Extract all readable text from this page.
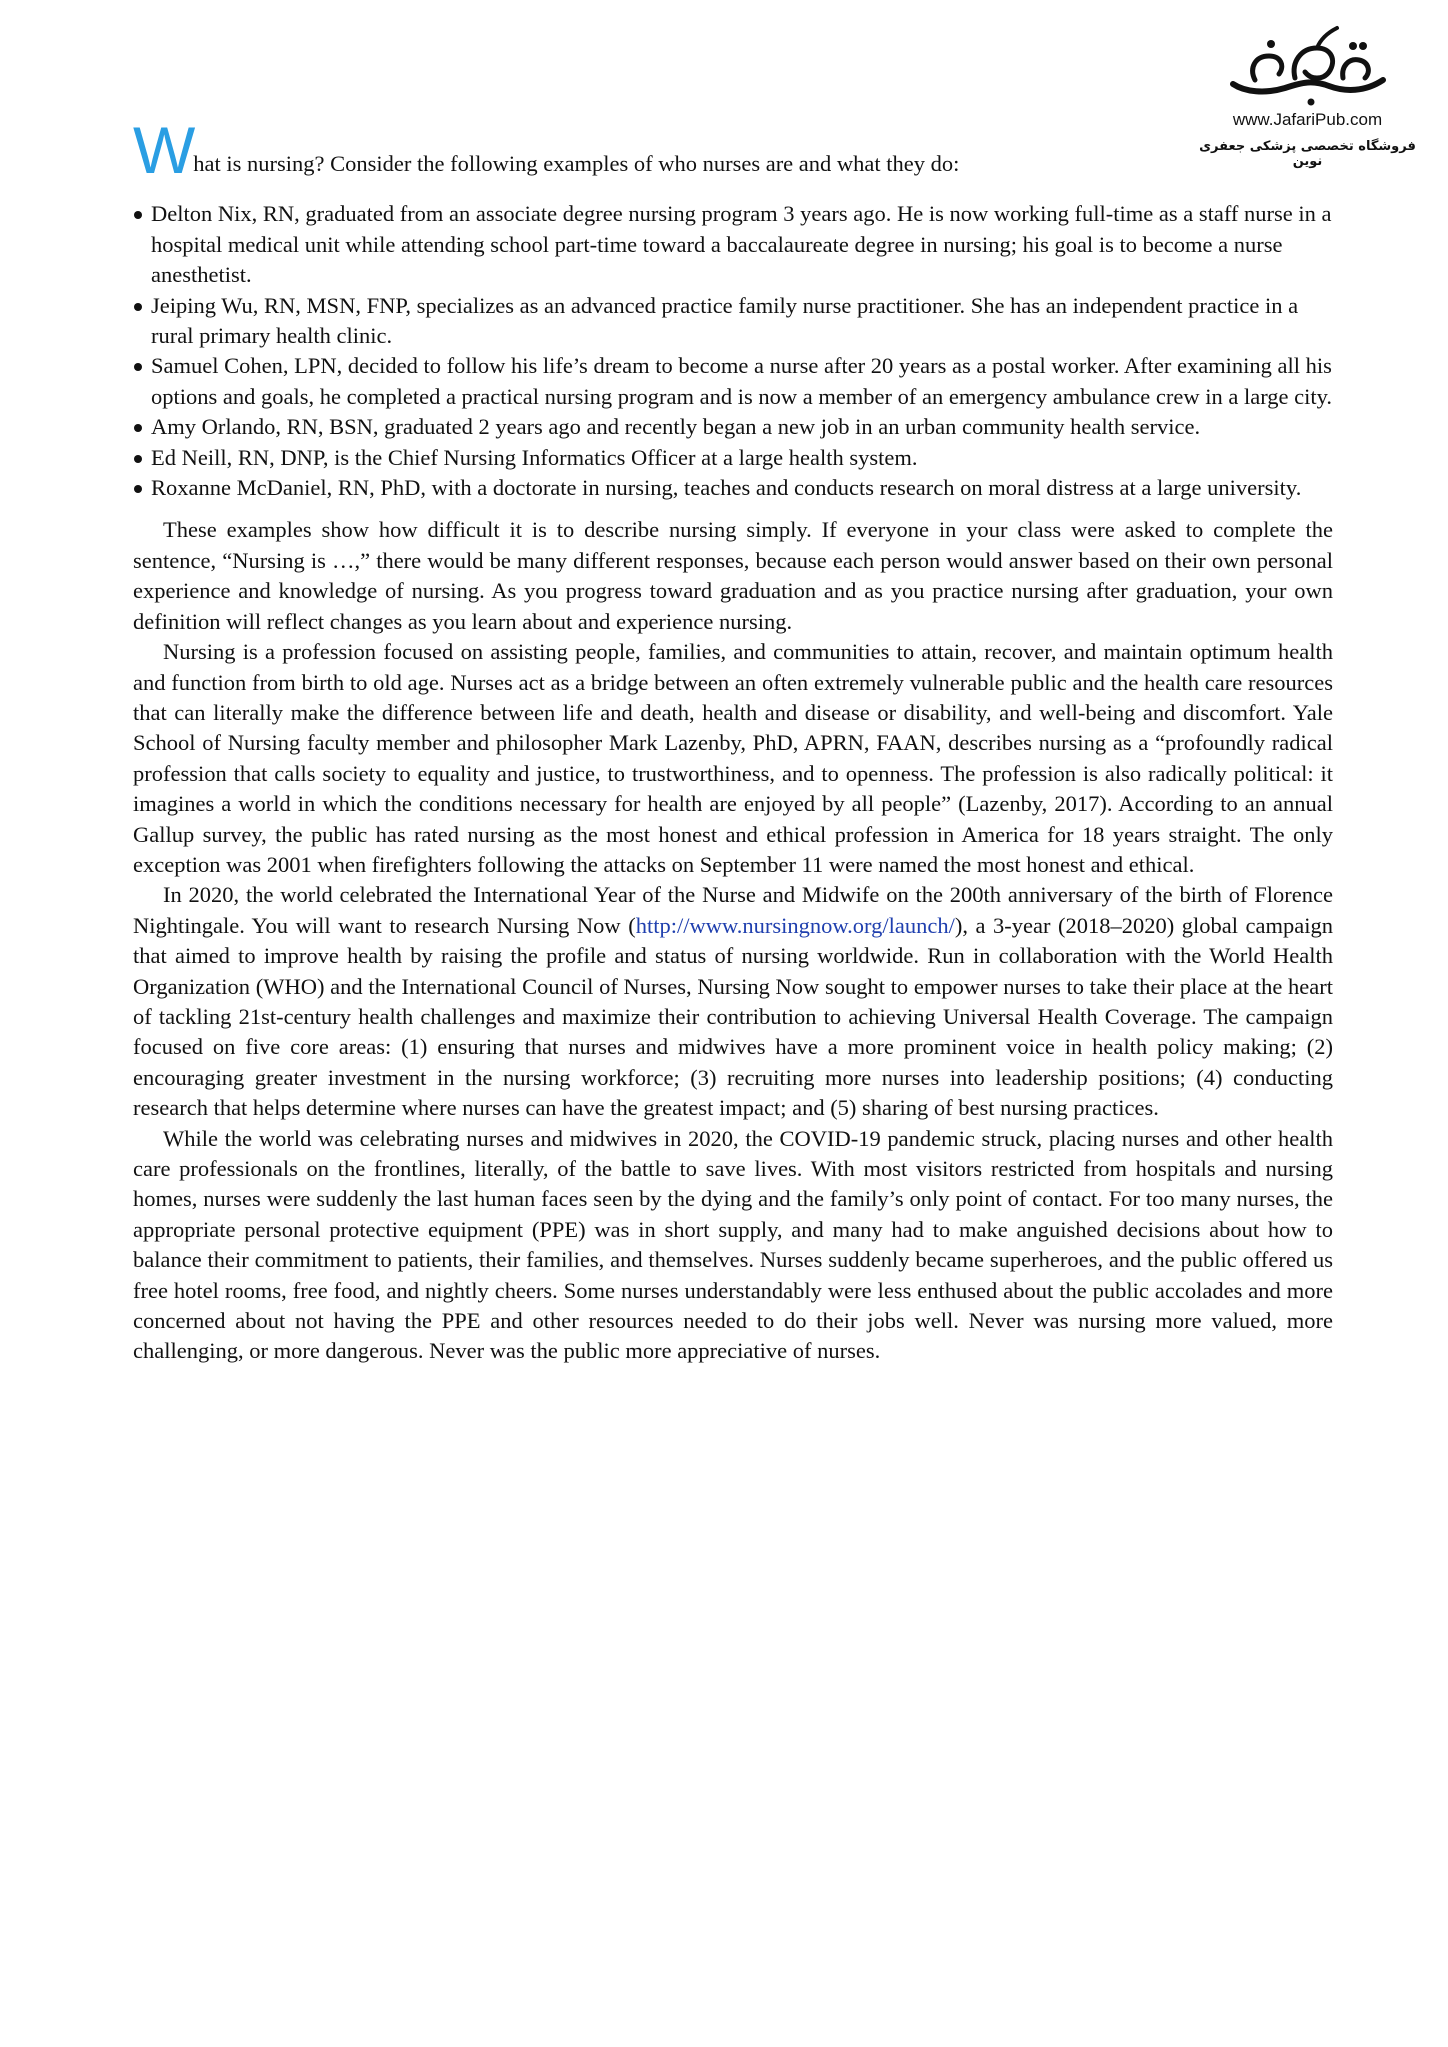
www.JafariPub.com
فروشگاه تخصصی پزشکی جعفری نوین

What is nursing? Consider the following examples of who nurses are and what they do:

Delton Nix, RN, graduated from an associate degree nursing program 3 years ago. He is now working full-time as a staff nurse in a hospital medical unit while attending school part-time toward a baccalaureate degree in nursing; his goal is to become a nurse anesthetist.
Jeiping Wu, RN, MSN, FNP, specializes as an advanced practice family nurse practitioner. She has an independent practice in a rural primary health clinic.
Samuel Cohen, LPN, decided to follow his life’s dream to become a nurse after 20 years as a postal worker. After examining all his options and goals, he completed a practical nursing program and is now a member of an emergency ambulance crew in a large city.
Amy Orlando, RN, BSN, graduated 2 years ago and recently began a new job in an urban community health service.
Ed Neill, RN, DNP, is the Chief Nursing Informatics Officer at a large health system.
Roxanne McDaniel, RN, PhD, with a doctorate in nursing, teaches and conducts research on moral distress at a large university.

These examples show how difficult it is to describe nursing simply. If everyone in your class were asked to complete the sentence, “Nursing is …,” there would be many different responses, because each person would answer based on their own personal experience and knowledge of nursing. As you progress toward graduation and as you practice nursing after graduation, your own definition will reflect changes as you learn about and experience nursing.

Nursing is a profession focused on assisting people, families, and communities to attain, recover, and maintain optimum health and function from birth to old age. Nurses act as a bridge between an often extremely vulnerable public and the health care resources that can literally make the difference between life and death, health and disease or disability, and well-being and discomfort. Yale School of Nursing faculty member and philosopher Mark Lazenby, PhD, APRN, FAAN, describes nursing as a “profoundly radical profession that calls society to equality and justice, to trustworthiness, and to openness. The profession is also radically political: it imagines a world in which the conditions necessary for health are enjoyed by all people” (Lazenby, 2017). According to an annual Gallup survey, the public has rated nursing as the most honest and ethical profession in America for 18 years straight. The only exception was 2001 when firefighters following the attacks on September 11 were named the most honest and ethical.

In 2020, the world celebrated the International Year of the Nurse and Midwife on the 200th anniversary of the birth of Florence Nightingale. You will want to research Nursing Now (http://www.nursingnow.org/launch/), a 3-year (2018–2020) global campaign that aimed to improve health by raising the profile and status of nursing worldwide. Run in collaboration with the World Health Organization (WHO) and the International Council of Nurses, Nursing Now sought to empower nurses to take their place at the heart of tackling 21st-century health challenges and maximize their contribution to achieving Universal Health Coverage. The campaign focused on five core areas: (1) ensuring that nurses and midwives have a more prominent voice in health policy making; (2) encouraging greater investment in the nursing workforce; (3) recruiting more nurses into leadership positions; (4) conducting research that helps determine where nurses can have the greatest impact; and (5) sharing of best nursing practices.

While the world was celebrating nurses and midwives in 2020, the COVID-19 pandemic struck, placing nurses and other health care professionals on the frontlines, literally, of the battle to save lives. With most visitors restricted from hospitals and nursing homes, nurses were suddenly the last human faces seen by the dying and the family’s only point of contact. For too many nurses, the appropriate personal protective equipment (PPE) was in short supply, and many had to make anguished decisions about how to balance their commitment to patients, their families, and themselves. Nurses suddenly became superheroes, and the public offered us free hotel rooms, free food, and nightly cheers. Some nurses understandably were less enthused about the public accolades and more concerned about not having the PPE and other resources needed to do their jobs well. Never was nursing more valued, more challenging, or more dangerous. Never was the public more appreciative of nurses.
